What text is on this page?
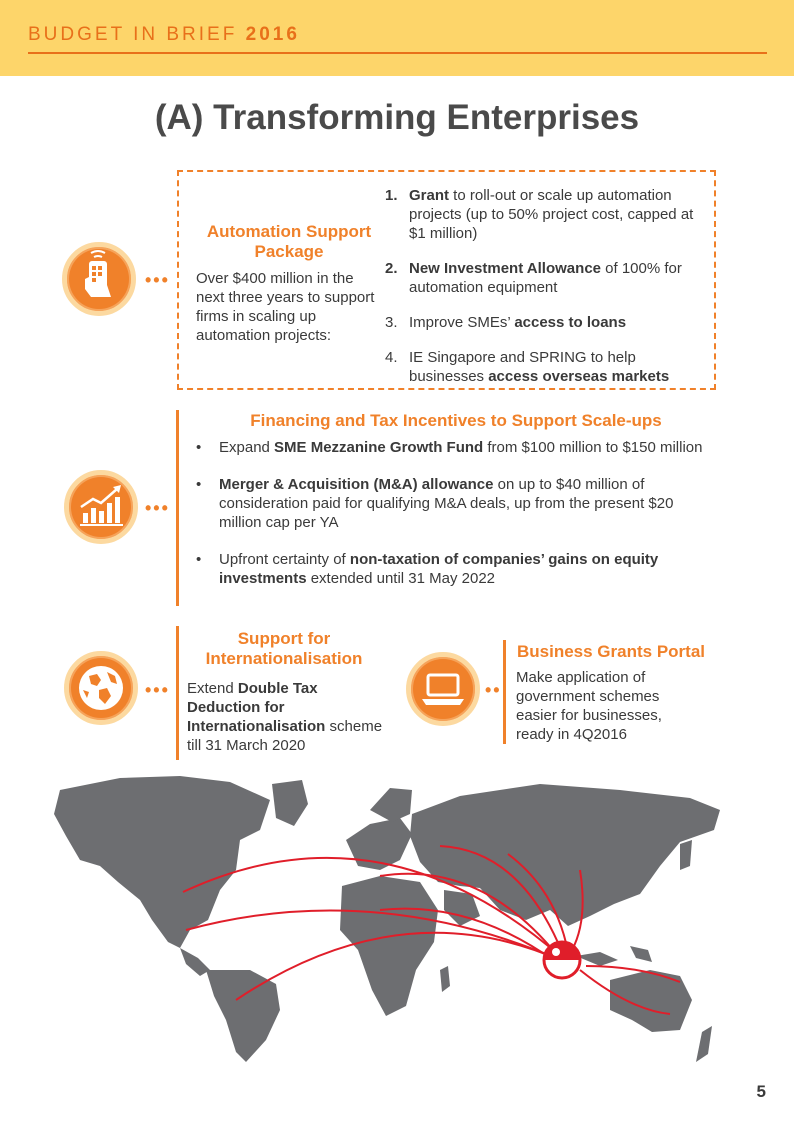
BUDGET IN BRIEF 2016
(A) Transforming Enterprises
•••
Automation Support Package
Over $400 million in the next three years to support firms in scaling up automation projects:
1. Grant to roll-out or scale up automation projects (up to 50% project cost, capped at $1 million)
2. New Investment Allowance of 100% for automation equipment
3. Improve SMEs’ access to loans
4. IE Singapore and SPRING to help businesses access overseas markets
•••
Financing and Tax Incentives to Support Scale-ups
• Expand SME Mezzanine Growth Fund from $100 million to $150 million
• Merger & Acquisition (M&A) allowance on up to $40 million of consideration paid for qualifying M&A deals, up from the present $20 million cap per YA
• Upfront certainty of non-taxation of companies’ gains on equity investments extended until 31 May 2022
•••
Support for Internationalisation
Extend Double Tax Deduction for Internationalisation scheme till 31 March 2020
••
Business Grants Portal
Make application of government schemes easier for businesses, ready in 4Q2016
5
